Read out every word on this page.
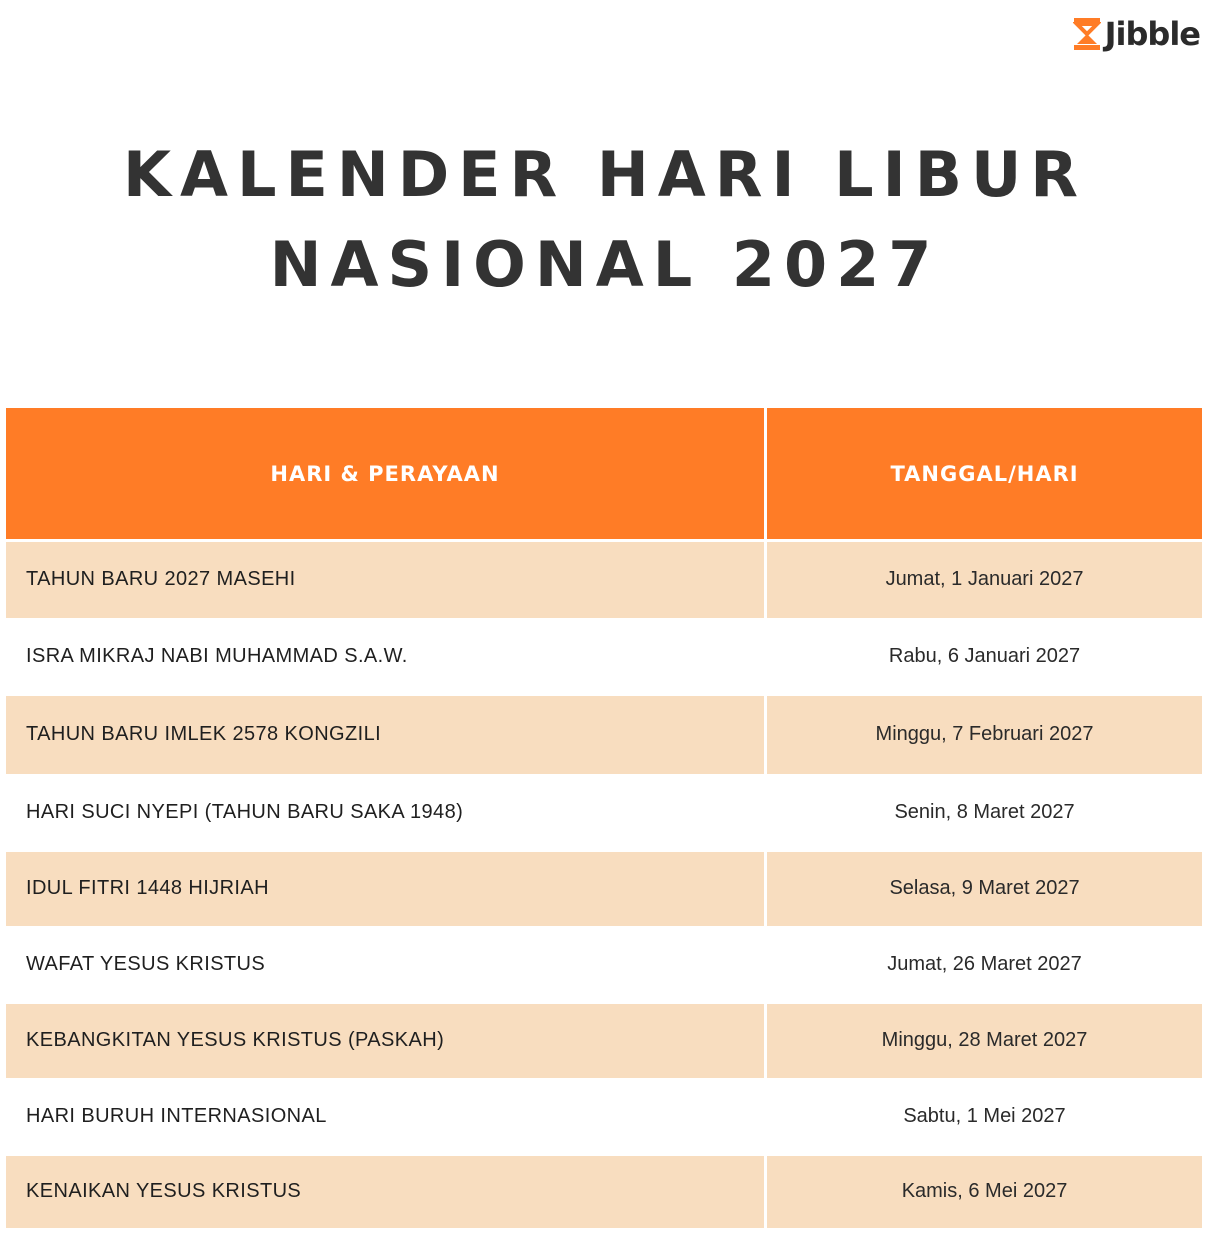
Jibble
KALENDER HARI LIBUR
NASIONAL 2027
HARI & PERAYAAN	TANGGAL/HARI
TAHUN BARU 2027 MASEHI	Jumat, 1 Januari 2027
ISRA MIKRAJ NABI MUHAMMAD S.A.W.	Rabu, 6 Januari 2027
TAHUN BARU IMLEK 2578 KONGZILI	Minggu, 7 Februari 2027
HARI SUCI NYEPI (TAHUN BARU SAKA 1948)	Senin, 8 Maret 2027
IDUL FITRI 1448 HIJRIAH	Selasa, 9 Maret 2027
WAFAT YESUS KRISTUS	Jumat, 26 Maret 2027
KEBANGKITAN YESUS KRISTUS (PASKAH)	Minggu, 28 Maret 2027
HARI BURUH INTERNASIONAL	Sabtu, 1 Mei 2027
KENAIKAN YESUS KRISTUS	Kamis, 6 Mei 2027
